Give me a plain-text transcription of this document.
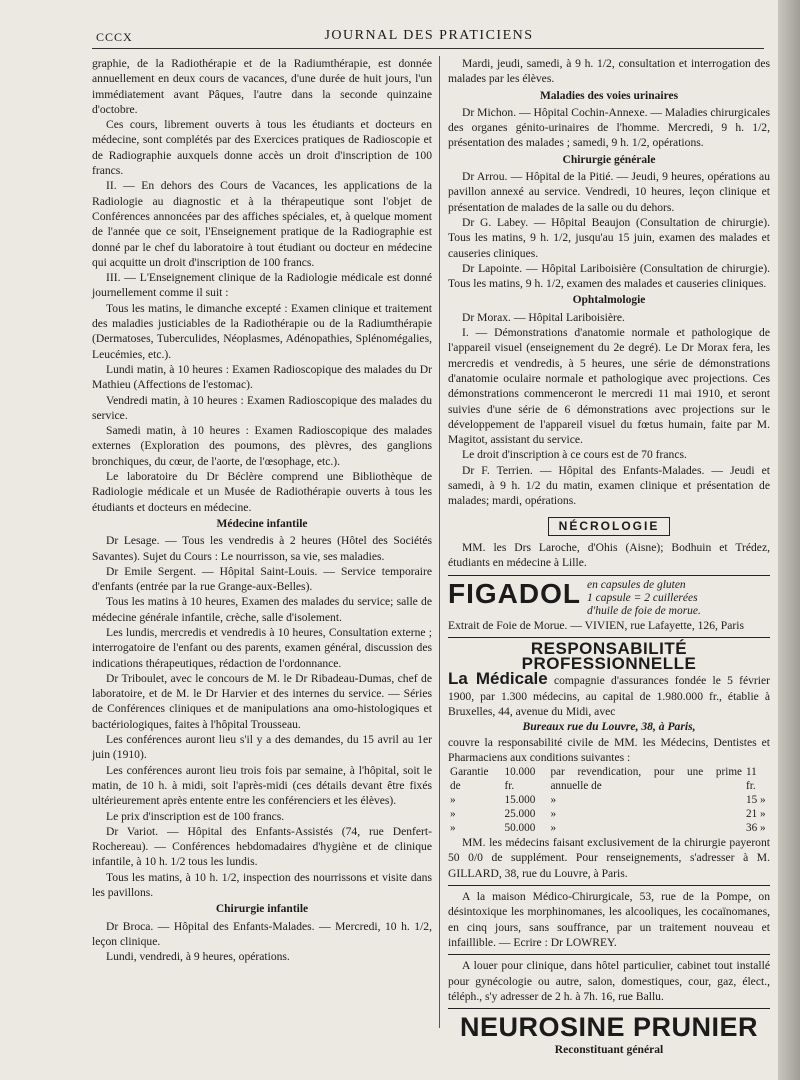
CCCX	JOURNAL DES PRATICIENS

graphie, de la Radiothérapie et de la Radiumthérapie, est donnée annuellement en deux cours de vacances, d'une durée de huit jours, l'un immédiatement avant Pâques, l'autre dans la seconde quinzaine d'octobre.

Ces cours, librement ouverts à tous les étudiants et docteurs en médecine, sont complétés par des Exercices pratiques de Radioscopie et de Radiographie auxquels donne accès un droit d'inscription de 100 francs.

II. — En dehors des Cours de Vacances, les applications de la Radiologie au diagnostic et à la thérapeutique sont l'objet de Conférences annoncées par des affiches spéciales, et, à quelque moment de l'année que ce soit, l'Enseignement pratique de la Radiographie est donné par le chef du laboratoire à tout étudiant ou docteur en médecine qui acquitte un droit d'inscription de 100 francs.

III. — L'Enseignement clinique de la Radiologie médicale est donné journellement comme il suit :

Tous les matins, le dimanche excepté : Examen clinique et traitement des maladies justiciables de la Radiothérapie ou de la Radiumthérapie (Dermatoses, Tuberculides, Néoplasmes, Adénopathies, Splénomégalies, Leucémies, etc.).

Lundi matin, à 10 heures : Examen Radioscopique des malades du Dr Mathieu (Affections de l'estomac).

Vendredi matin, à 10 heures : Examen Radioscopique des malades du service.

Samedi matin, à 10 heures : Examen Radioscopique des malades externes (Exploration des poumons, des plèvres, des ganglions bronchiques, du cœur, de l'aorte, de l'œsophage, etc.).

Le laboratoire du Dr Béclère comprend une Bibliothèque de Radiologie médicale et un Musée de Radiothérapie ouverts à tous les étudiants et docteurs en médecine.

Médecine infantile

Dr Lesage. — Tous les vendredis à 2 heures (Hôtel des Sociétés Savantes). Sujet du Cours : Le nourrisson, sa vie, ses maladies.

Dr Emile Sergent. — Hôpital Saint-Louis. — Service temporaire d'enfants (entrée par la rue Grange-aux-Belles).

Tous les matins à 10 heures, Examen des malades du service; salle de médecine générale infantile, crèche, salle d'isolement.

Les lundis, mercredis et vendredis à 10 heures, Consultation externe ; interrogatoire de l'enfant ou des parents, examen général, discussion des indications thérapeutiques, rédaction de l'ordonnance.

Dr Triboulet, avec le concours de M. le Dr Ribadeau-Dumas, chef de laboratoire, et de M. le Dr Harvier et des internes du service. — Séries de Conférences cliniques et de manipulations ana omo-histologiques et bactériologiques, faites à l'hôpital Trousseau.

Les conférences auront lieu s'il y a des demandes, du 15 avril au 1er juin (1910).

Les conférences auront lieu trois fois par semaine, à l'hôpital, soit le matin, de 10 h. à midi, soit l'après-midi (ces détails devant être fixés ultérieurement après entente entre les conférenciers et les élèves).

Le prix d'inscription est de 100 francs.

Dr Variot. — Hôpital des Enfants-Assistés (74, rue Denfert-Rochereau). — Conférences hebdomadaires d'hygiène et de clinique infantile, à 10 h. 1/2 tous les lundis.

Tous les matins, à 10 h. 1/2, inspection des nourrissons et visite dans les pavillons.

Chirurgie infantile

Dr Broca. — Hôpital des Enfants-Malades. — Mercredi, 10 h. 1/2, leçon clinique.

Lundi, vendredi, à 9 heures, opérations.

Mardi, jeudi, samedi, à 9 h. 1/2, consultation et interrogation des malades par les élèves.

Maladies des voies urinaires

Dr Michon. — Hôpital Cochin-Annexe. — Maladies chirurgicales des organes génito-urinaires de l'homme. Mercredi, 9 h. 1/2, présentation des malades ; samedi, 9 h. 1/2, opérations.

Chirurgie générale

Dr Arrou. — Hôpital de la Pitié. — Jeudi, 9 heures, opérations au pavillon annexé au service. Vendredi, 10 heures, leçon clinique et présentation de malades de la salle ou du dehors.

Dr G. Labey. — Hôpital Beaujon (Consultation de chirurgie). Tous les matins, 9 h. 1/2, jusqu'au 15 juin, examen des malades et causeries cliniques.

Dr Lapointe. — Hôpital Lariboisière (Consultation de chirurgie). Tous les matins, 9 h. 1/2, examen des malades et causeries cliniques.

Ophtalmologie

Dr Morax. — Hôpital Lariboisière.

I. — Démonstrations d'anatomie normale et pathologique de l'appareil visuel (enseignement du 2e degré). Le Dr Morax fera, les mercredis et vendredis, à 5 heures, une série de démonstrations d'anatomie oculaire normale et pathologique avec projections. Ces démonstrations commenceront le mercredi 11 mai 1910, et seront suivies d'une série de 6 démonstrations avec projections sur le développement de l'appareil visuel du fœtus humain, faite par M. Magitot, assistant du service.

Le droit d'inscription à ce cours est de 70 francs.

Dr F. Terrien. — Hôpital des Enfants-Malades. — Jeudi et samedi, à 9 h. 1/2 du matin, examen clinique et présentation de malades; mardi, opérations.

NÉCROLOGIE

MM. les Drs Laroche, d'Ohis (Aisne); Bodhuin et Trédez, étudiants en médecine à Lille.

FIGADOL en capsules de gluten
1 capsule = 2 cuillerées
d'huile de foie de morue.

Extrait de Foie de Morue. — VIVIEN, rue Lafayette, 126, Paris

RESPONSABILITÉ PROFESSIONNELLE

La Médicale compagnie d'assurances fondée le 5 février 1900, par 1.300 médecins, au capital de 1.980.000 fr., établie à Bruxelles, 44, avenue du Midi, avec

Bureaux rue du Louvre, 38, à Paris,

couvre la responsabilité civile de MM. les Médecins, Dentistes et Pharmaciens aux conditions suivantes :

Garantie de	10.000 fr.	par revendication, pour une prime annuelle de	11 fr.
»	15.000	»	15 »
»	25.000	»	21 »
»	50.000	»	36 »

MM. les médecins faisant exclusivement de la chirurgie payeront 50 0/0 de supplément. Pour renseignements, s'adresser à M. GILLARD, 38, rue du Louvre, à Paris.

A la maison Médico-Chirurgicale, 53, rue de la Pompe, on désintoxique les morphinomanes, les alcooliques, les cocaïnomanes, en cinq jours, sans souffrance, par un traitement nouveau et infaillible. — Ecrire : Dr LOWREY.

A louer pour clinique, dans hôtel particulier, cabinet tout installé pour gynécologie ou autre, salon, domestiques, cour, gaz, élect., téléph., s'y adresser de 2 h. à 7h. 16, rue Ballu.

NEUROSINE PRUNIER

Reconstituant général
